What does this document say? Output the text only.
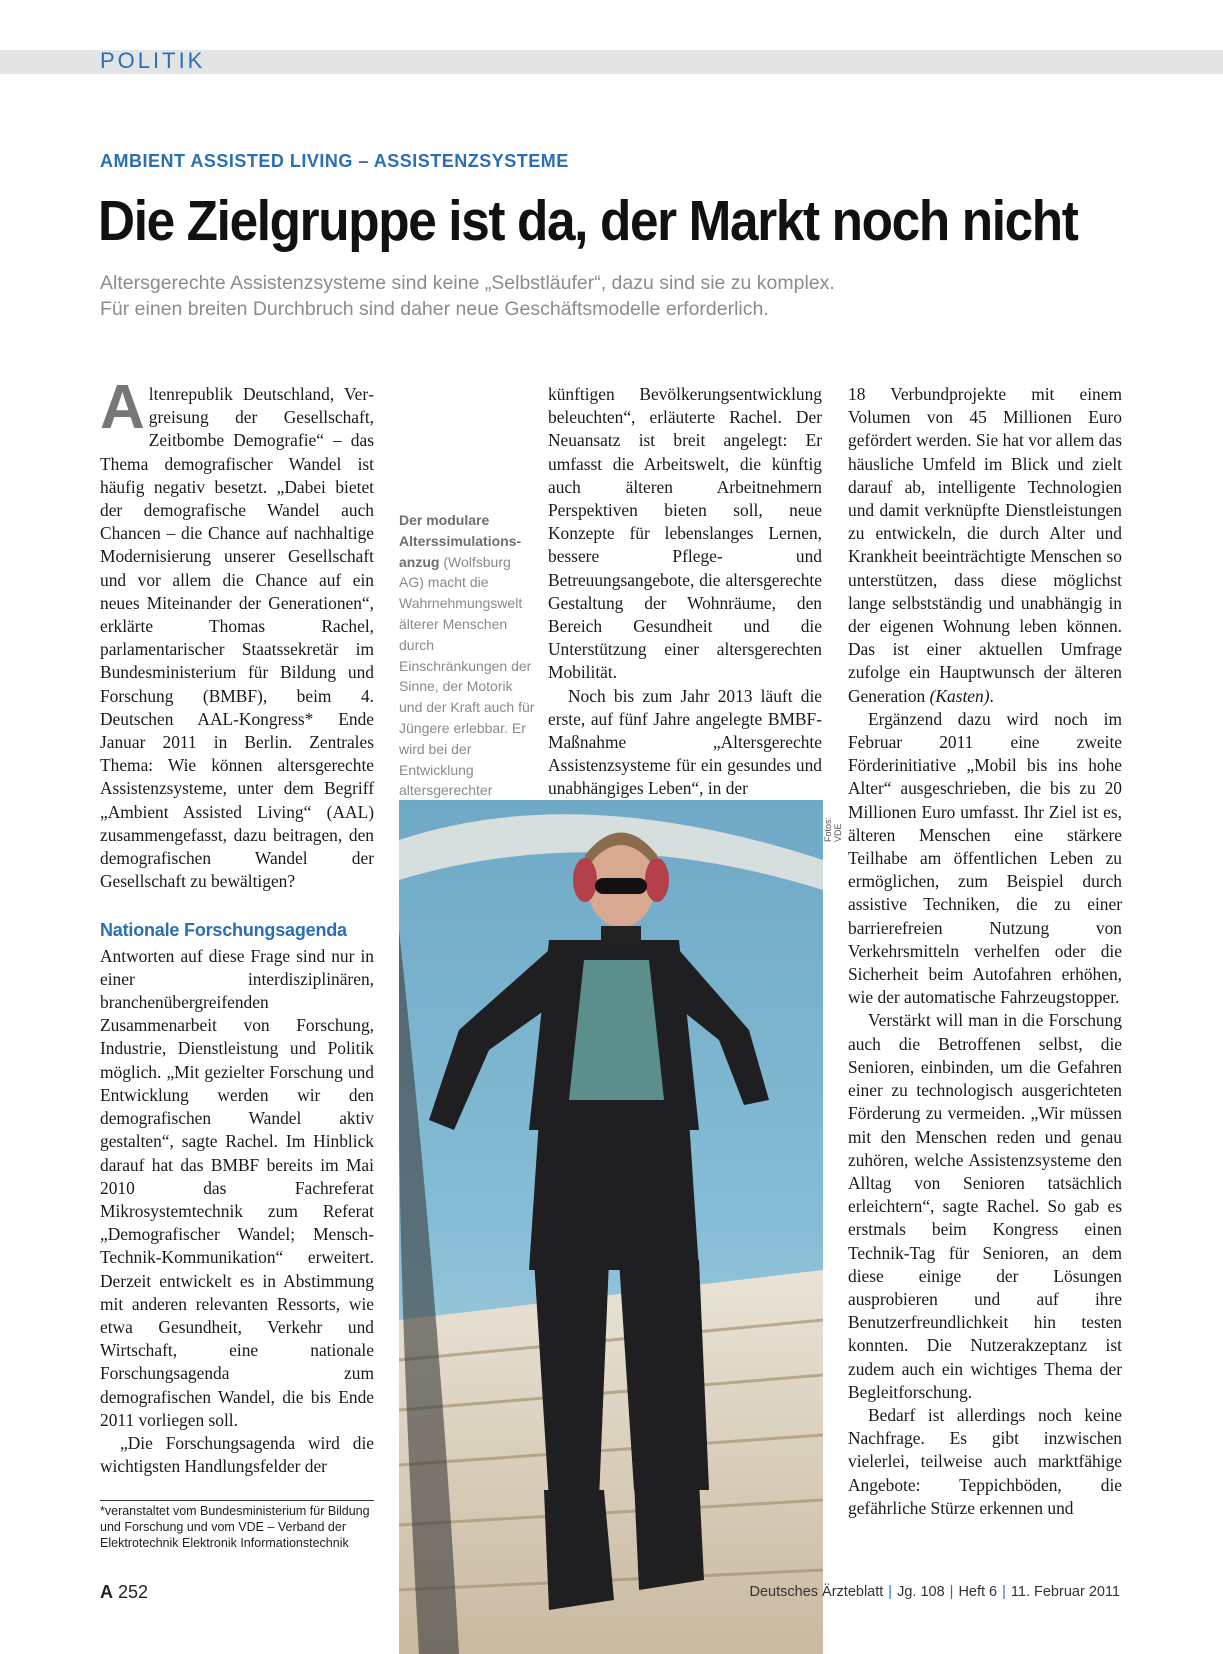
POLITIK
AMBIENT ASSISTED LIVING – ASSISTENZSYSTEME
Die Zielgruppe ist da, der Markt noch nicht

Altersgerechte Assistenzsysteme sind keine „Selbstläufer“, dazu sind sie zu komplex.

Für einen breiten Durchbruch sind daher neue Geschäftsmodelle erforderlich.

Altenrepublik Deutschland, Vergreisung der Gesellschaft, Zeitbombe Demografie“ – das Thema demografischer Wandel ist häufig negativ besetzt. „Dabei bietet der demografische Wandel auch Chancen – die Chance auf nachhaltige Modernisierung unserer Gesellschaft und vor allem die Chance auf ein neues Miteinander der Generationen“, erklärte Thomas Rachel, parlamentarischer Staatssekretär im Bundesministerium für Bildung und Forschung (BMBF), beim 4. Deutschen AAL-Kongress* Ende Januar 2011 in Berlin. Zentrales Thema: Wie können altersgerechte Assistenzsysteme, unter dem Begriff „Ambient Assisted Living“ (AAL) zusammengefasst, dazu beitragen, den demografischen Wandel der Gesellschaft zu bewältigen?

Nationale Forschungsagenda

Antworten auf diese Frage sind nur in einer interdisziplinären, branchenübergreifenden Zusammenarbeit von Forschung, Industrie, Dienstleistung und Politik möglich. „Mit gezielter Forschung und Entwicklung werden wir den demografischen Wandel aktiv gestalten“, sagte Rachel. Im Hinblick darauf hat das BMBF bereits im Mai 2010 das Fachreferat Mikrosystemtechnik zum Referat „Demografischer Wandel; Mensch-Technik-Kommunikation“ erweitert. Derzeit entwickelt es in Abstimmung mit anderen relevanten Ressorts, wie etwa Gesundheit, Verkehr und Wirtschaft, eine nationale Forschungsagenda zum demografischen Wandel, die bis Ende 2011 vorliegen soll.

„Die Forschungsagenda wird die wichtigsten Handlungsfelder der

Der modulare Alterssimulationsanzug (Wolfsburg AG) macht die Wahrnehmungswelt älterer Menschen durch Einschränkungen der Sinne, der Motorik und der Kraft auch für Jüngere erlebbar. Er wird bei der Entwicklung altersgerechter

künftigen Bevölkerungsentwicklung beleuchten“, erläuterte Rachel. Der Neuansatz ist breit angelegt: Er umfasst die Arbeitswelt, die künftig auch älteren Arbeitnehmern Perspektiven bieten soll, neue Konzepte für lebenslanges Lernen, bessere Pflege- und Betreuungsangebote, die altersgerechte Gestaltung der Wohnräume, den Bereich Gesundheit und die Unterstützung einer altersgerechten Mobilität.

Noch bis zum Jahr 2013 läuft die erste, auf fünf Jahre angelegte BMBF-Maßnahme „Altersgerechte Assistenzsysteme für ein gesundes und unabhängiges Leben“, in der

Fotos: VDE

18 Verbundprojekte mit einem Volumen von 45 Millionen Euro gefördert werden. Sie hat vor allem das häusliche Umfeld im Blick und zielt darauf ab, intelligente Technologien und damit verknüpfte Dienstleistungen zu entwickeln, die durch Alter und Krankheit beeinträchtigte Menschen so unterstützen, dass diese möglichst lange selbstständig und unabhängig in der eigenen Wohnung leben können. Das ist einer aktuellen Umfrage zufolge ein Hauptwunsch der älteren Generation (Kasten).

Ergänzend dazu wird noch im Februar 2011 eine zweite Förderinitiative „Mobil bis ins hohe Alter“ ausgeschrieben, die bis zu 20 Millionen Euro umfasst. Ihr Ziel ist es, älteren Menschen eine stärkere Teilhabe am öffentlichen Leben zu ermöglichen, zum Beispiel durch assistive Techniken, die zu einer barrierefreien Nutzung von Verkehrsmitteln verhelfen oder die Sicherheit beim Autofahren erhöhen, wie der automatische Fahrzeugstopper.

Verstärkt will man in die Forschung auch die Betroffenen selbst, die Senioren, einbinden, um die Gefahren einer zu technologisch ausgerichteten Förderung zu vermeiden. „Wir müssen mit den Menschen reden und genau zuhören, welche Assistenzsysteme den Alltag von Senioren tatsächlich erleichtern“, sagte Rachel. So gab es erstmals beim Kongress einen Technik-Tag für Senioren, an dem diese einige der Lösungen ausprobieren und auf ihre Benutzerfreundlichkeit hin testen konnten. Die Nutzerakzeptanz ist zudem auch ein wichtiges Thema der Begleitforschung.

Bedarf ist allerdings noch keine Nachfrage. Es gibt inzwischen vielerlei, teilweise auch marktfähige Angebote: Teppichböden, die gefährliche Stürze erkennen und

*veranstaltet vom Bundesministerium für Bildung

und Forschung und vom VDE – Verband der

Elektrotechnik Elektronik Informationstechnik

A 252	Deutsches Ärzteblatt | Jg. 108 | Heft 6 | 11. Februar 2011
